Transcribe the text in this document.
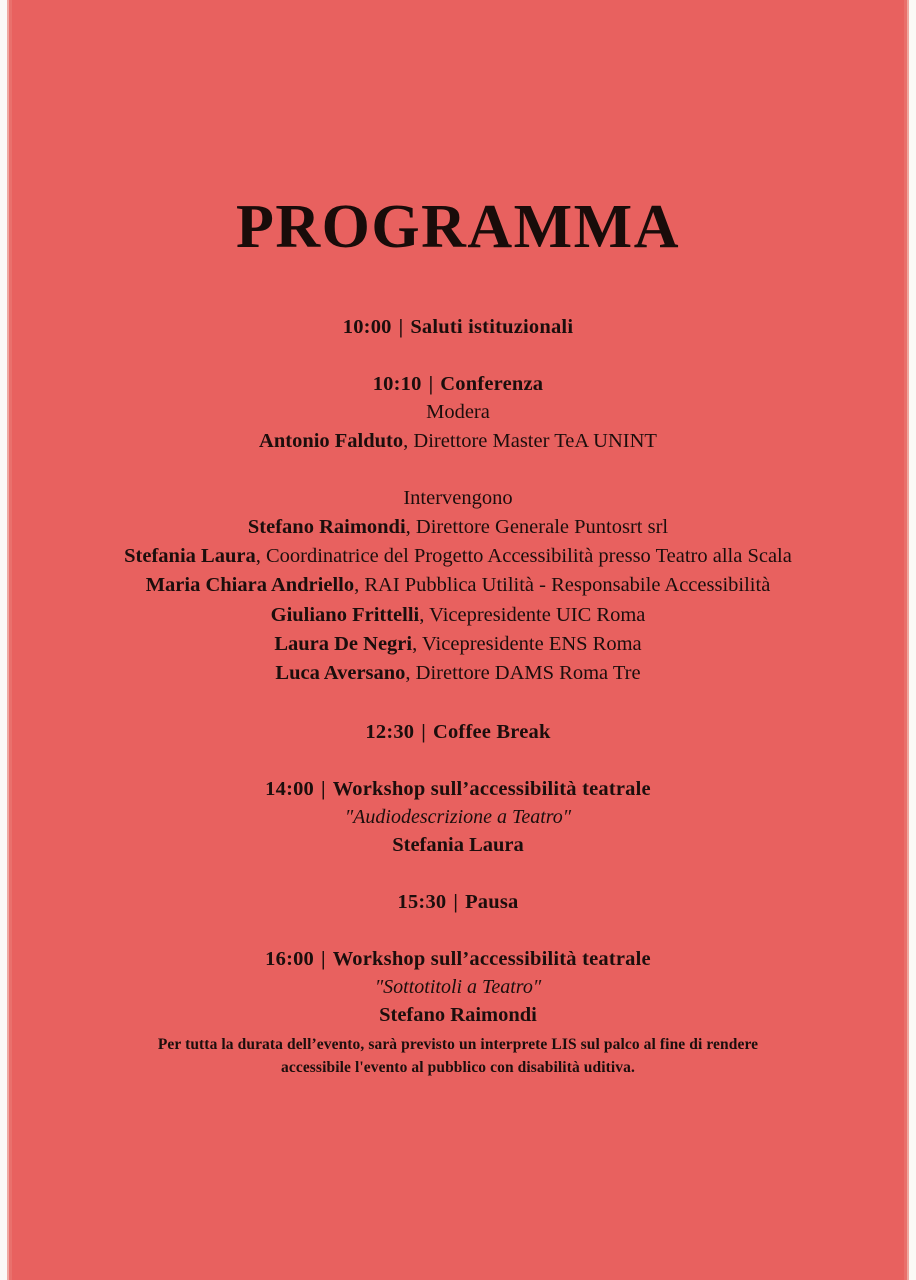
PROGRAMMA
10:00 | Saluti istituzionali
10:10 | Conferenza
Modera
Antonio Falduto, Direttore Master TeA UNINT
Intervengono
Stefano Raimondi, Direttore Generale Puntosrt srl
Stefania Laura, Coordinatrice del Progetto Accessibilità presso Teatro alla Scala
Maria Chiara Andriello, RAI Pubblica Utilità - Responsabile Accessibilità
Giuliano Frittelli, Vicepresidente UIC Roma
Laura De Negri, Vicepresidente ENS Roma
Luca Aversano, Direttore DAMS Roma Tre
12:30 | Coffee Break
14:00 | Workshop sull’accessibilità teatrale
″Audiodescrizione a Teatro″
Stefania Laura
15:30 | Pausa
16:00 | Workshop sull’accessibilità teatrale
″Sottotitoli a Teatro″
Stefano Raimondi
Per tutta la durata dell’evento, sarà previsto un interprete LIS sul palco al fine di rendere
accessibile l'evento al pubblico con disabilità uditiva.
